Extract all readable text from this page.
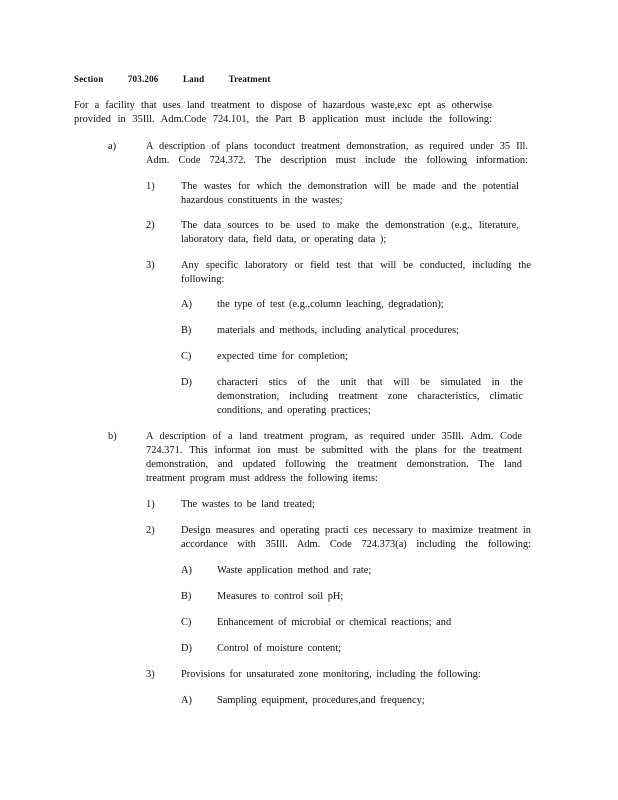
Section	703.206	Land	Treatment
For a facility that uses land treatment to dispose of hazardous waste,exc ept as otherwise provided in 35Ill. Adm.Code 724.101, the Part B application must include the following:
a)	A description of plans toconduct treatment demonstration, as required under 35 Ill. Adm. Code 724.372. The description must include the following information:
1)	The wastes for which the demonstration will be made and the potential hazardous constituents in the wastes;
2)	The data sources to be used to make the demonstration (e.g., literature, laboratory data, field data, or operating data );
3)	Any specific laboratory or field test that will be conducted, including the following:
A) the type of test (e.g.,column leaching, degradation);
B) materials and methods, including analytical procedures;
C) expected time for completion;
D) characteri stics of the unit that will be simulated in the demonstration, including treatment zone characteristics, climatic conditions, and operating practices;
b)	A description of a land treatment program, as required under 35Ill. Adm. Code 724.371. This informat ion must be submitted with the plans for the treatment demonstration, and updated following the treatment demonstration. The land treatment program must address the following items:
1)	The wastes to be land treated;
2)	Design measures and operating practi ces necessary to maximize treatment in accordance with 35Ill. Adm. Code 724.373(a) including the following:
A) Waste application method and rate;
B) Measures to control soil pH;
C) Enhancement of microbial or chemical reactions; and
D) Control of moisture content;
3)	Provisions for unsaturated zone monitoring, including the following:
A) Sampling equipment, procedures,and frequency;
